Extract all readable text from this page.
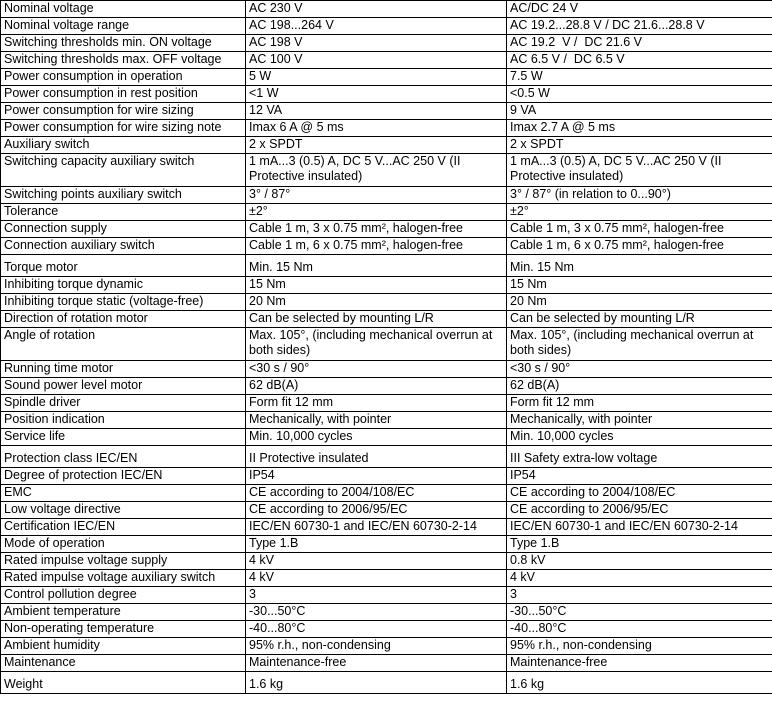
Nominal voltage	AC 230 V	AC/DC 24 V
Nominal voltage range	AC 198...264 V	AC 19.2...28.8 V / DC 21.6...28.8 V
Switching thresholds min. ON voltage	AC 198 V	AC 19.2  V /  DC 21.6 V
Switching thresholds max. OFF voltage	AC 100 V	AC 6.5 V /  DC 6.5 V
Power consumption in operation	5 W	7.5 W
Power consumption in rest position	<1 W	<0.5 W
Power consumption for wire sizing	12 VA	9 VA
Power consumption for wire sizing note	Imax 6 A @ 5 ms	Imax 2.7 A @ 5 ms
Auxiliary switch	2 x SPDT	2 x SPDT
Switching capacity auxiliary switch	1 mA...3 (0.5) A, DC 5 V...AC 250 V (II Protective insulated)	1 mA...3 (0.5) A, DC 5 V...AC 250 V (II Protective insulated)
Switching points auxiliary switch	3° / 87°	3° / 87° (in relation to 0...90°)
Tolerance	±2°	±2°
Connection supply	Cable 1 m, 3 x 0.75 mm², halogen-free	Cable 1 m, 3 x 0.75 mm², halogen-free
Connection auxiliary switch	Cable 1 m, 6 x 0.75 mm², halogen-free	Cable 1 m, 6 x 0.75 mm², halogen-free
Torque motor	Min. 15 Nm	Min. 15 Nm
Inhibiting torque dynamic	15 Nm	15 Nm
Inhibiting torque static (voltage-free)	20 Nm	20 Nm
Direction of rotation motor	Can be selected by mounting L/R	Can be selected by mounting L/R
Angle of rotation	Max. 105°, (including mechanical overrun at both sides)	Max. 105°, (including mechanical overrun at both sides)
Running time motor	<30 s / 90°	<30 s / 90°
Sound power level motor	62 dB(A)	62 dB(A)
Spindle driver	Form fit 12 mm	Form fit 12 mm
Position indication	Mechanically, with pointer	Mechanically, with pointer
Service life	Min. 10,000 cycles	Min. 10,000 cycles
Protection class IEC/EN	II Protective insulated	III Safety extra-low voltage
Degree of protection IEC/EN	IP54	IP54
EMC	CE according to 2004/108/EC	CE according to 2004/108/EC
Low voltage directive	CE according to 2006/95/EC	CE according to 2006/95/EC
Certification IEC/EN	IEC/EN 60730-1 and IEC/EN 60730-2-14	IEC/EN 60730-1 and IEC/EN 60730-2-14
Mode of operation	Type 1.B	Type 1.B
Rated impulse voltage supply	4 kV	0.8 kV
Rated impulse voltage auxiliary switch	4 kV	4 kV
Control pollution degree	3	3
Ambient temperature	-30...50°C	-30...50°C
Non-operating temperature	-40...80°C	-40...80°C
Ambient humidity	95% r.h., non-condensing	95% r.h., non-condensing
Maintenance	Maintenance-free	Maintenance-free
Weight	1.6 kg	1.6 kg
